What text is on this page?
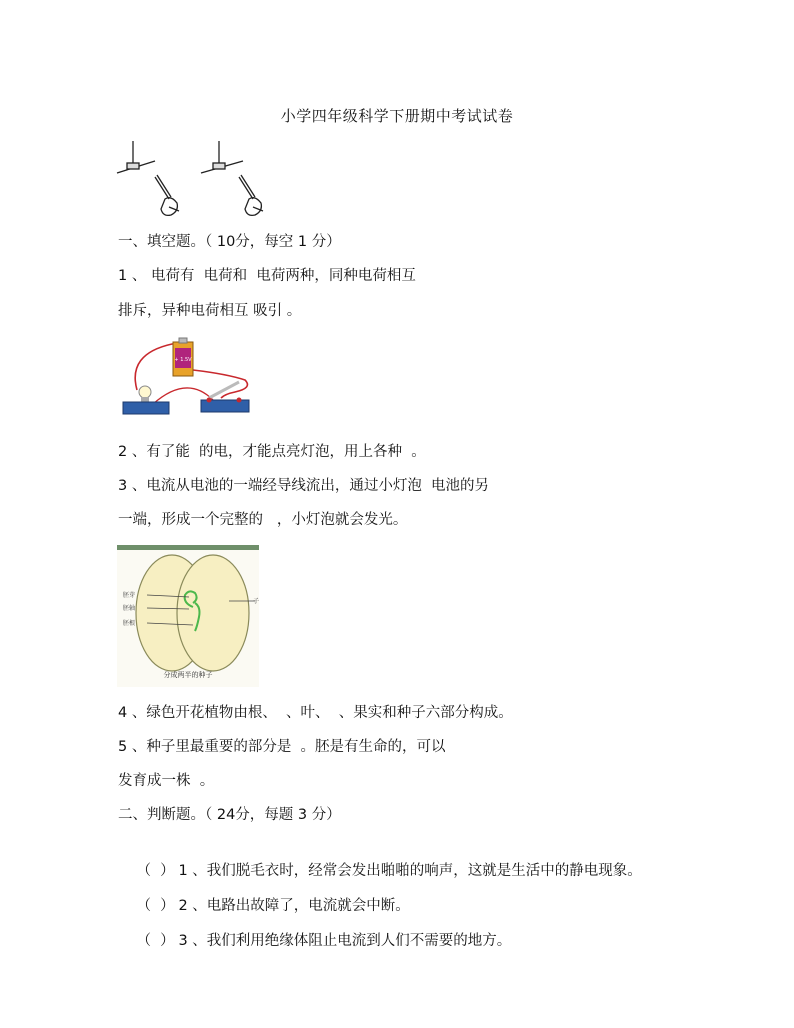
小学四年级科学下册期中考试试卷
一、填空题。（ 10分，每空 1 分）
1 、 电荷有  电荷和  电荷两种，同种电荷相互
排斥，异种电荷相互 吸引 。
+ 1.5V
2 、有了能  的电，才能点亮灯泡，用上各种  。
3 、电流从电池的一端经导线流出，通过小灯泡  电池的另
一端，形成一个完整的   ，小灯泡就会发光。
胚芽
胚轴
胚根
子
分成两半的种子
4 、绿色开花植物由根、  、叶、  、果实和种子六部分构成。
5 、种子里最重要的部分是  。胚是有生命的，可以
发育成一株  。
二、判断题。（ 24分，每题 3 分）

（  ） 1 、我们脱毛衣时，经常会发出啪啪的响声，这就是生活中的静电现象。

（  ） 2 、电路出故障了，电流就会中断。

（  ） 3 、我们利用绝缘体阻止电流到人们不需要的地方。
